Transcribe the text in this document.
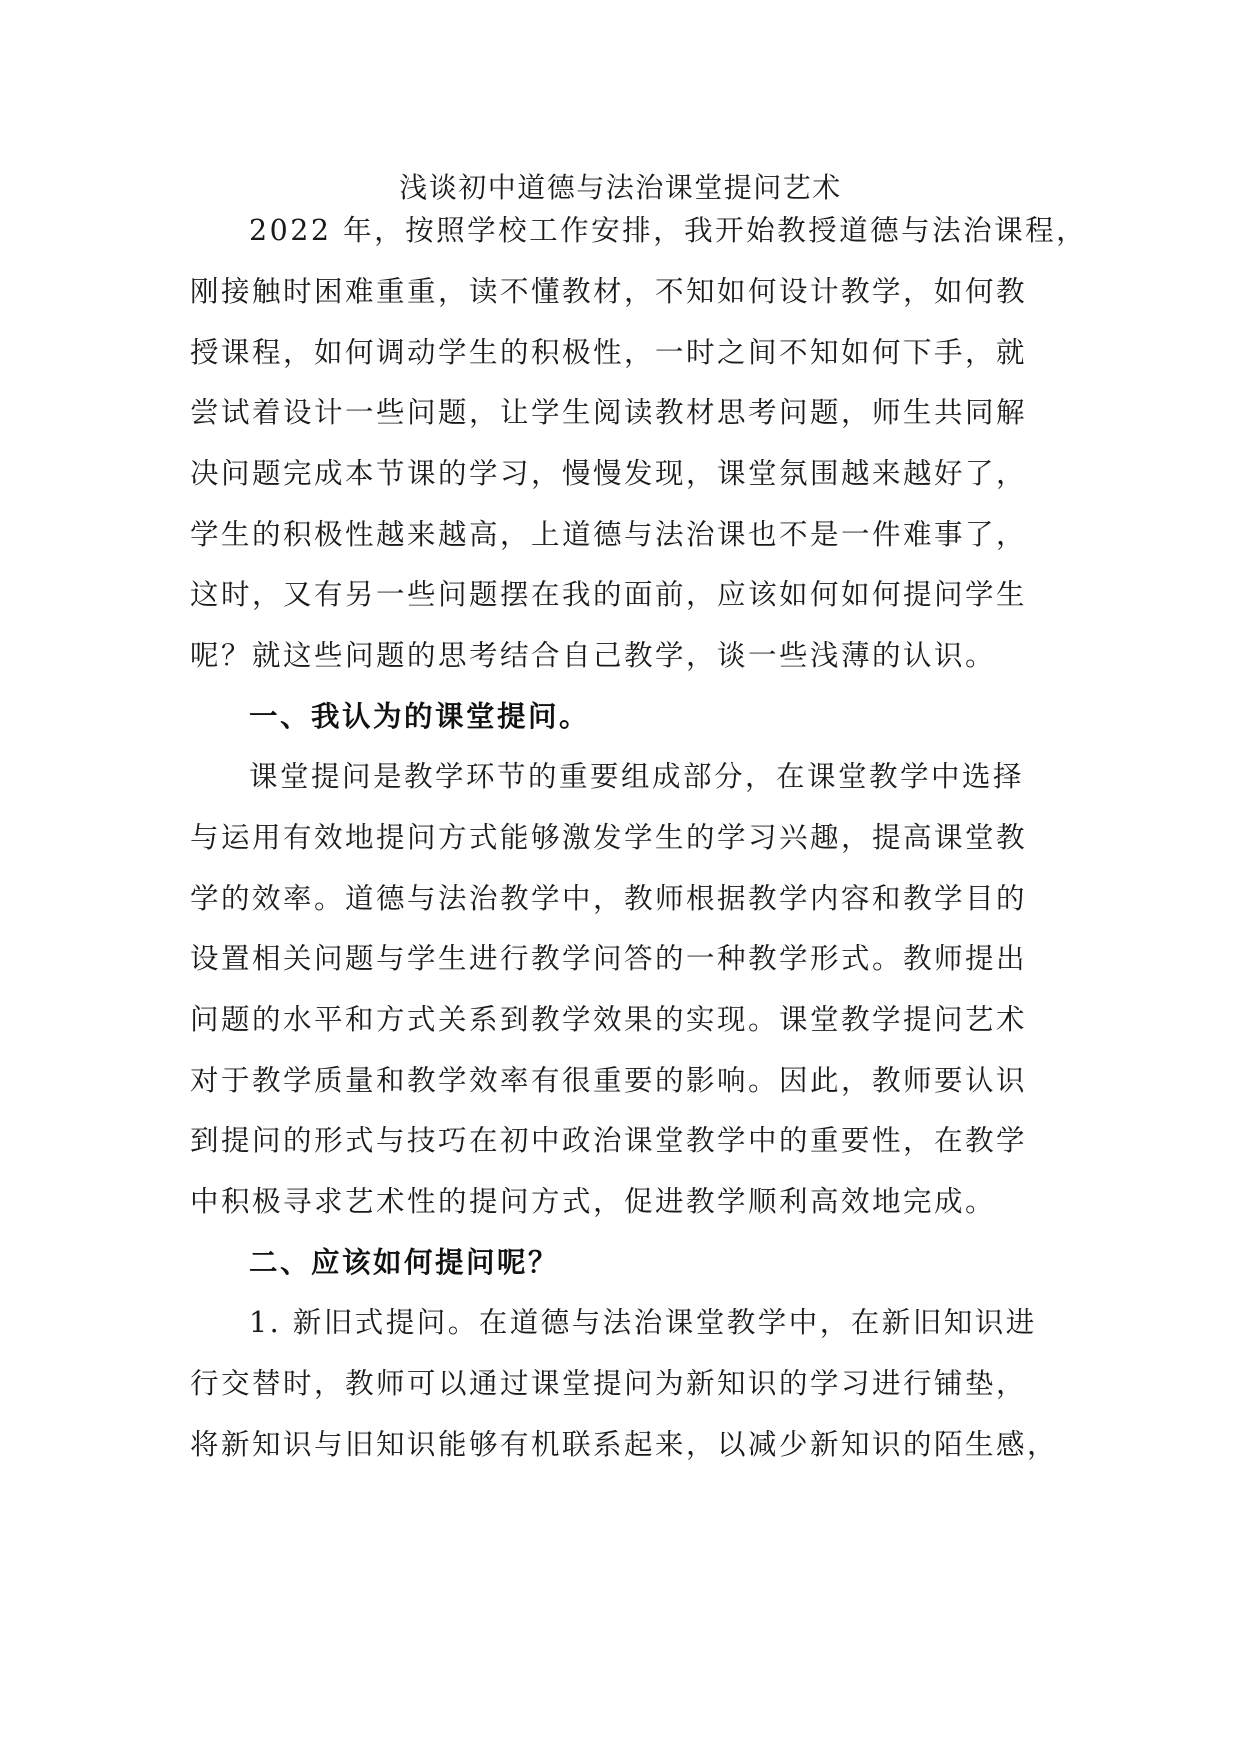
浅谈初中道德与法治课堂提问艺术
2022 年，按照学校工作安排，我开始教授道德与法治课程，
刚接触时困难重重，读不懂教材，不知如何设计教学，如何教
授课程，如何调动学生的积极性，一时之间不知如何下手，就
尝试着设计一些问题，让学生阅读教材思考问题，师生共同解
决问题完成本节课的学习，慢慢发现，课堂氛围越来越好了，
学生的积极性越来越高，上道德与法治课也不是一件难事了，
这时，又有另一些问题摆在我的面前，应该如何如何提问学生
呢？就这些问题的思考结合自己教学，谈一些浅薄的认识。
一、我认为的课堂提问。
课堂提问是教学环节的重要组成部分，在课堂教学中选择
与运用有效地提问方式能够激发学生的学习兴趣，提高课堂教
学的效率。道德与法治教学中，教师根据教学内容和教学目的
设置相关问题与学生进行教学问答的一种教学形式。教师提出
问题的水平和方式关系到教学效果的实现。课堂教学提问艺术
对于教学质量和教学效率有很重要的影响。因此，教师要认识
到提问的形式与技巧在初中政治课堂教学中的重要性，在教学
中积极寻求艺术性的提问方式，促进教学顺利高效地完成。
二、应该如何提问呢？
1. 新旧式提问。在道德与法治课堂教学中，在新旧知识进
行交替时，教师可以通过课堂提问为新知识的学习进行铺垫，
将新知识与旧知识能够有机联系起来，以减少新知识的陌生感，
